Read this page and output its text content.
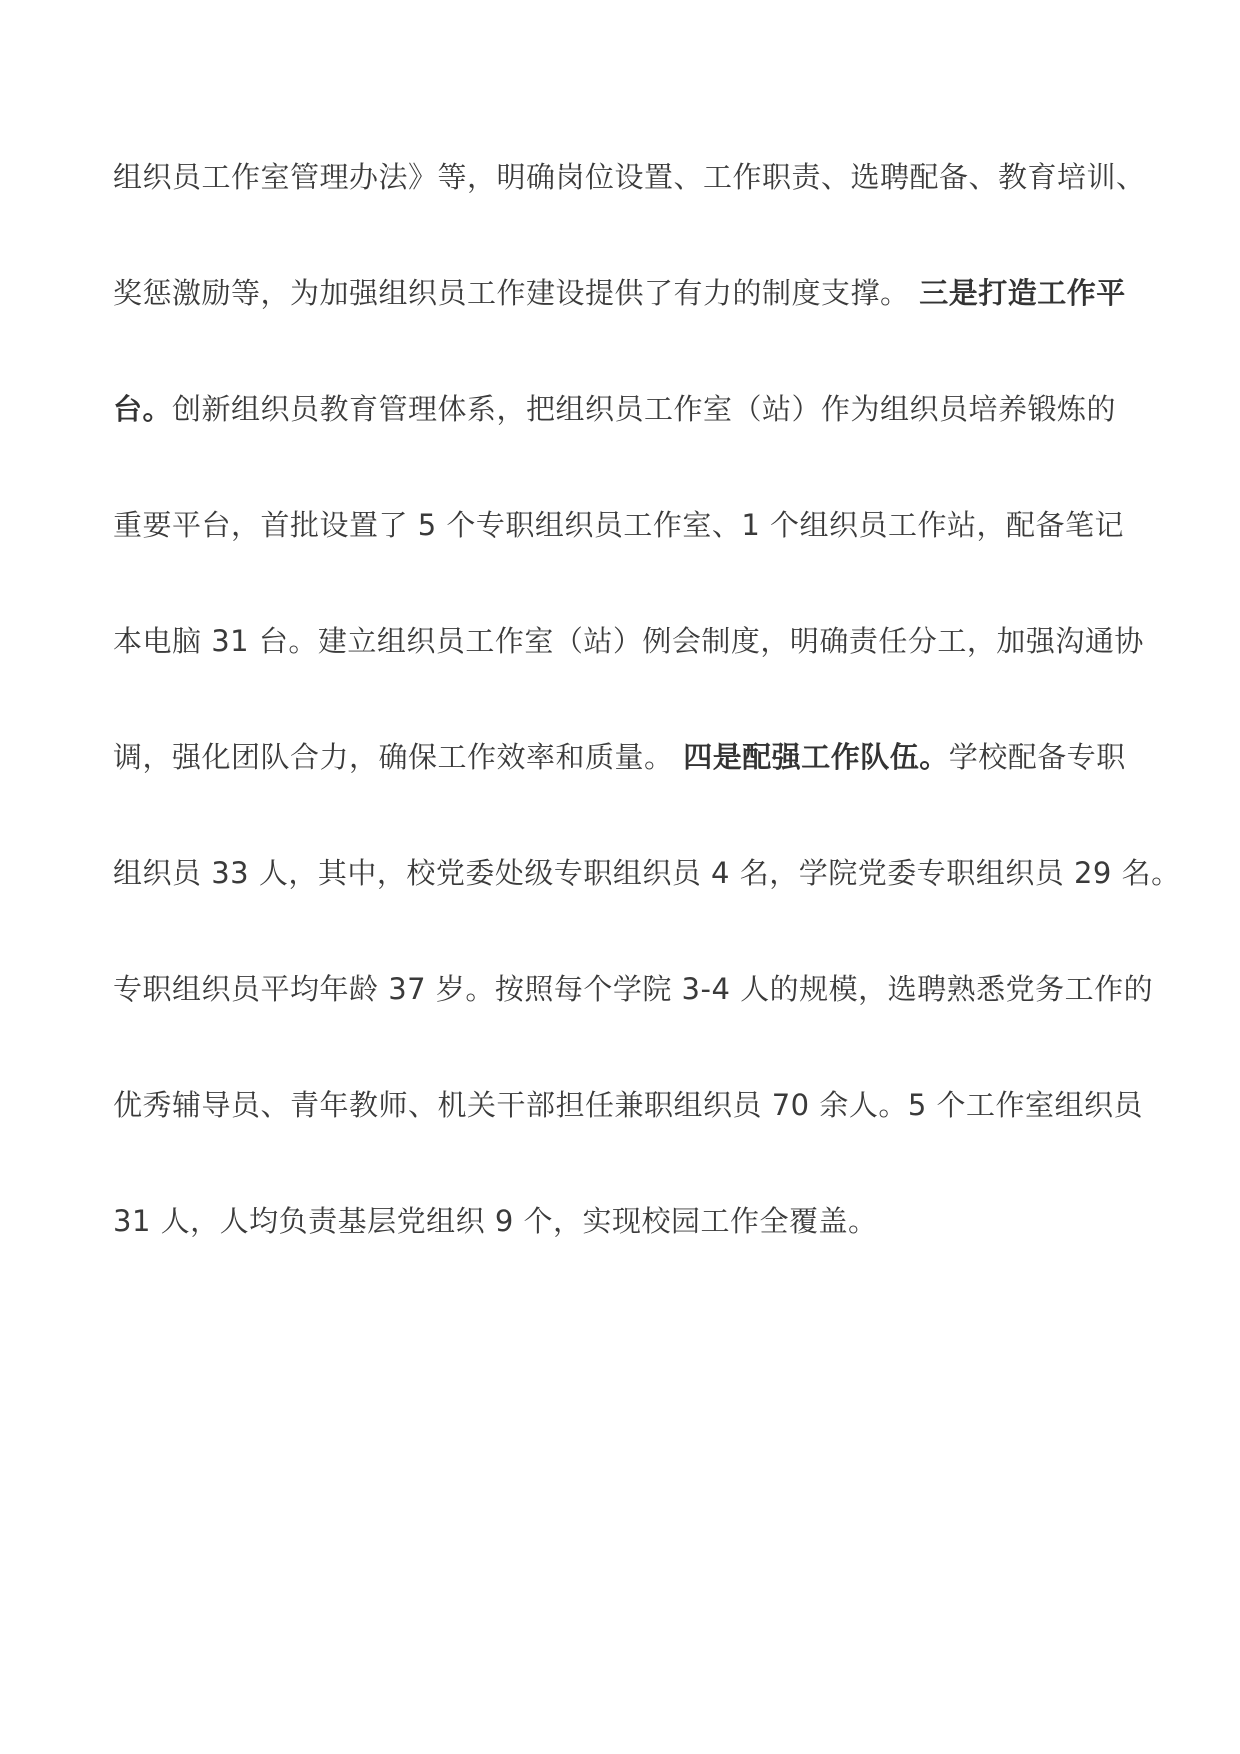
组织员工作室管理办法》等，明确岗位设置、工作职责、选聘配备、教育培训、
奖惩激励等，为加强组织员工作建设提供了有力的制度支撑。 三是打造工作平
台。创新组织员教育管理体系，把组织员工作室（站）作为组织员培养锻炼的
重要平台，首批设置了 5 个专职组织员工作室、1 个组织员工作站，配备笔记
本电脑 31 台。建立组织员工作室（站）例会制度，明确责任分工，加强沟通协
调，强化团队合力，确保工作效率和质量。 四是配强工作队伍。学校配备专职
组织员 33 人，其中，校党委处级专职组织员 4 名，学院党委专职组织员 29 名。
专职组织员平均年龄 37 岁。按照每个学院 3-4 人的规模，选聘熟悉党务工作的
优秀辅导员、青年教师、机关干部担任兼职组织员 70 余人。5 个工作室组织员
31 人，人均负责基层党组织 9 个，实现校园工作全覆盖。
